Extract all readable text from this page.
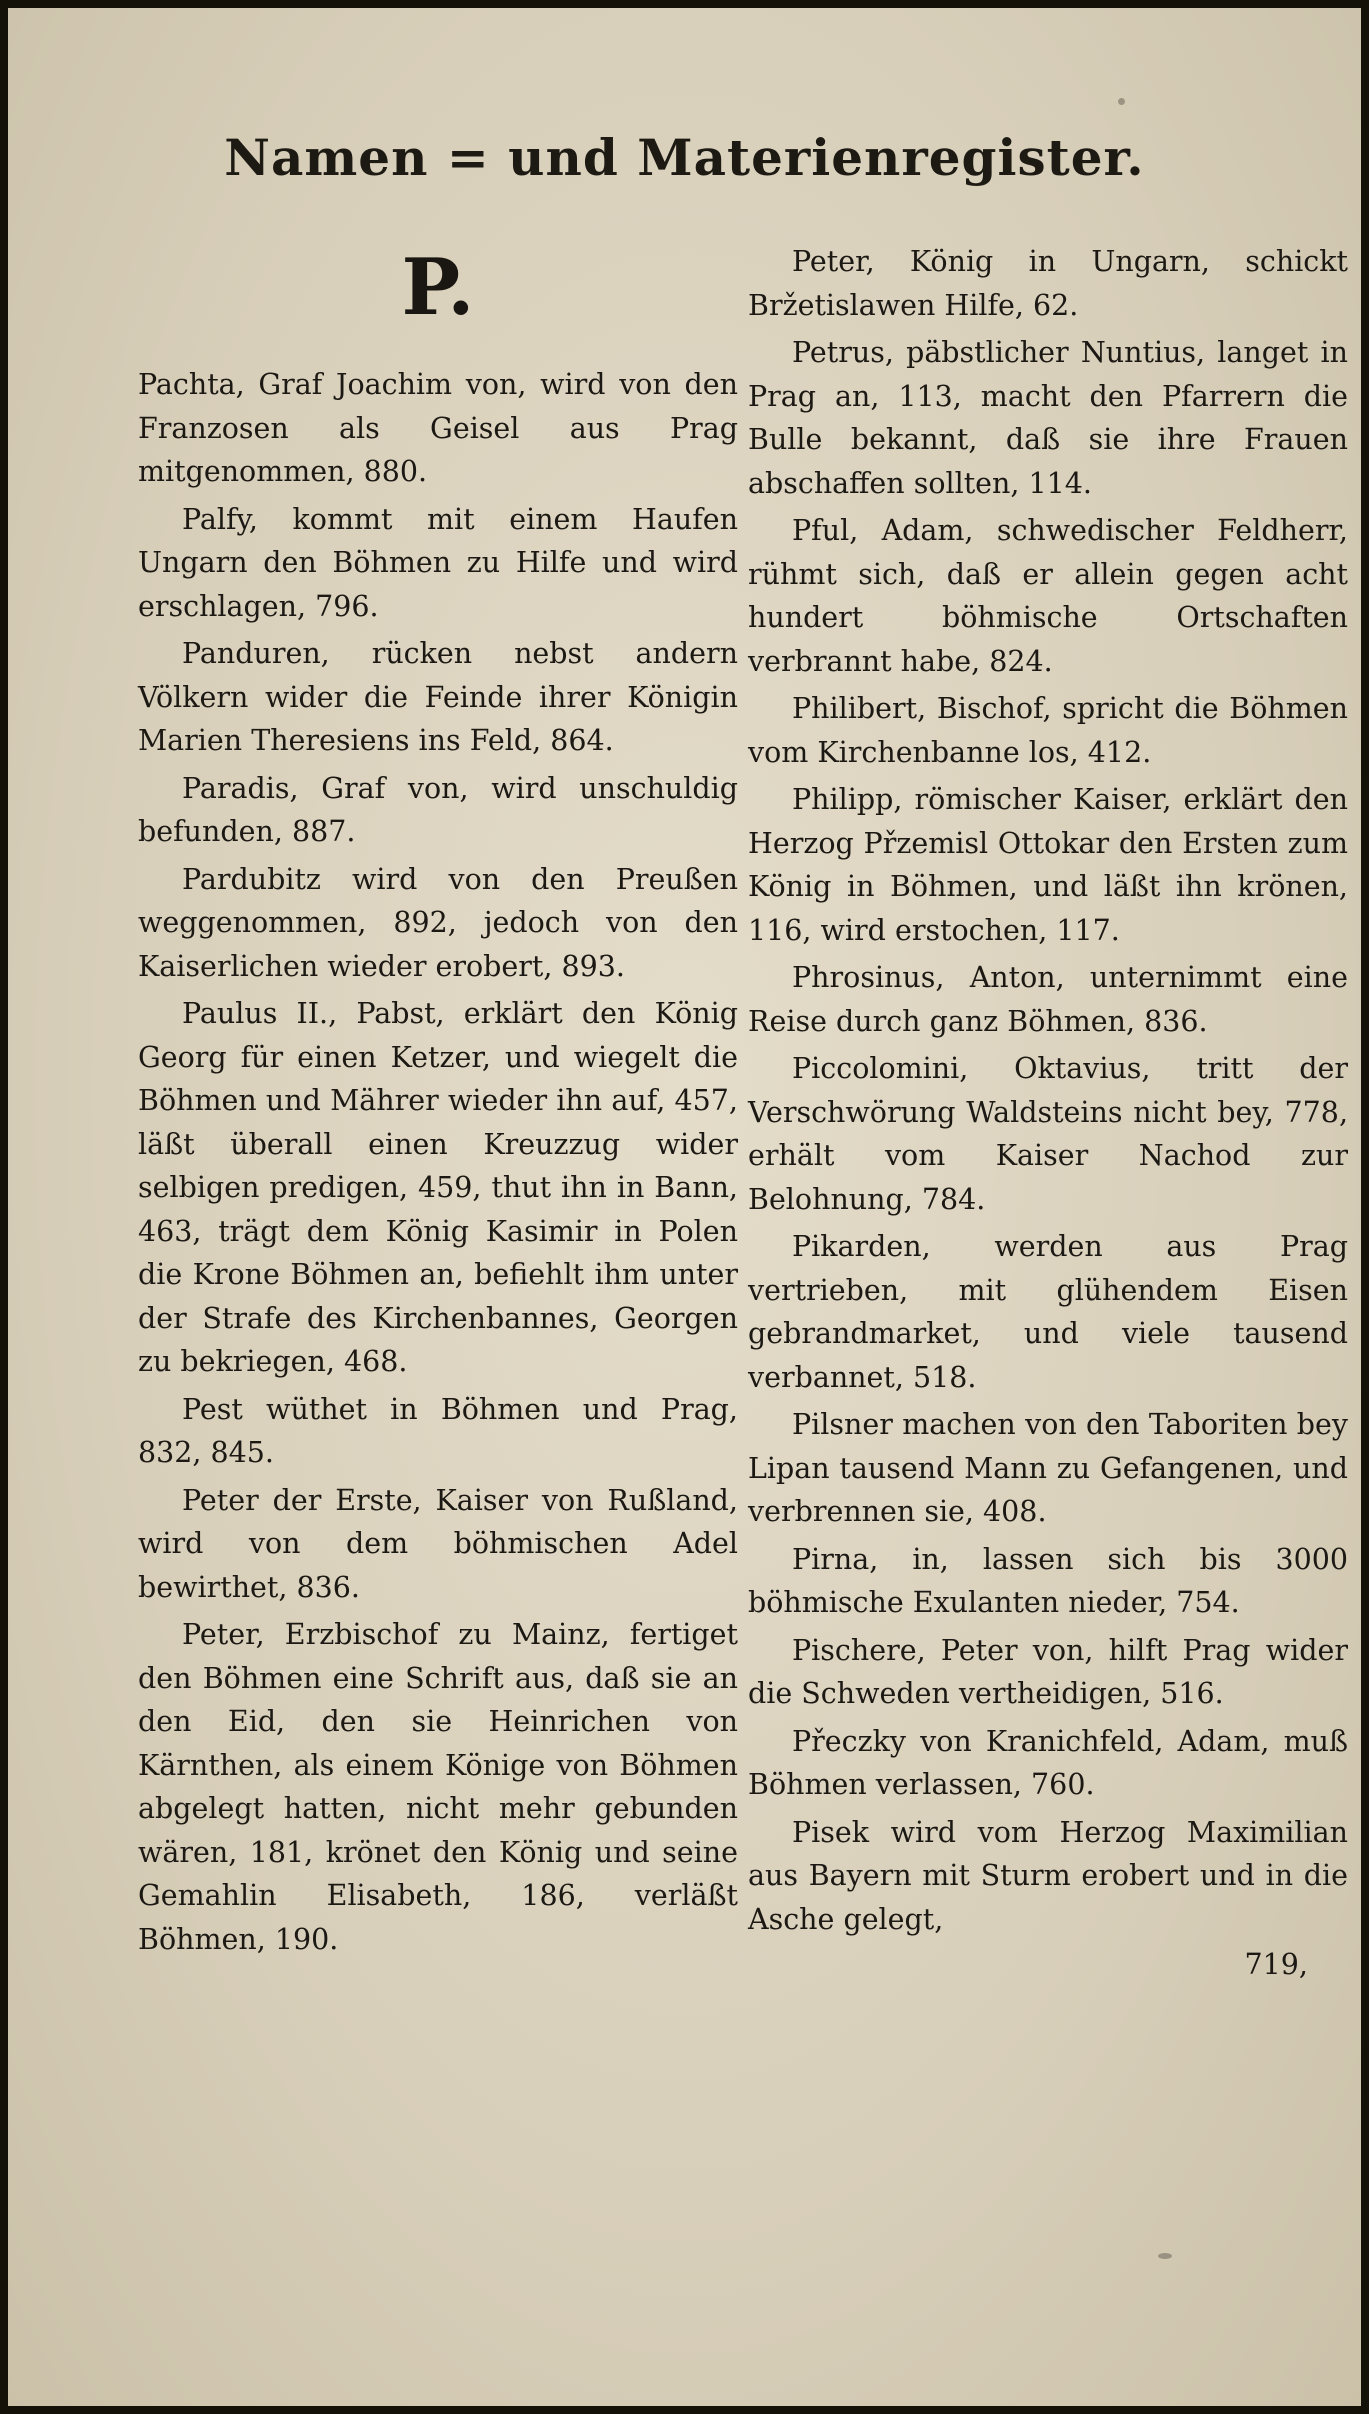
Namen = und Materienregister.
P.

Pachta, Graf Joachim von, wird von den Franzosen als Geisel aus Prag mitgenommen, 880.

Palfy, kommt mit einem Haufen Ungarn den Böhmen zu Hilfe und wird erschlagen, 796.

Panduren, rücken nebst andern Völkern wider die Feinde ihrer Königin Marien Theresiens ins Feld, 864.

Paradis, Graf von, wird unschuldig befunden, 887.

Pardubitz wird von den Preußen weggenommen, 892, jedoch von den Kaiserlichen wieder erobert, 893.

Paulus II., Pabst, erklärt den König Georg für einen Ketzer, und wiegelt die Böhmen und Mährer wieder ihn auf, 457, läßt überall einen Kreuzzug wider selbigen predigen, 459, thut ihn in Bann, 463, trägt dem König Kasimir in Polen die Krone Böhmen an, befiehlt ihm unter der Strafe des Kirchenbannes, Georgen zu bekriegen, 468.

Pest wüthet in Böhmen und Prag, 832, 845.

Peter der Erste, Kaiser von Rußland, wird von dem böhmischen Adel bewirthet, 836.

Peter, Erzbischof zu Mainz, fertiget den Böhmen eine Schrift aus, daß sie an den Eid, den sie Heinrichen von Kärnthen, als einem Könige von Böhmen abgelegt hatten, nicht mehr gebunden wären, 181, krönet den König und seine Gemahlin Elisabeth, 186, verläßt Böhmen, 190.

Peter, König in Ungarn, schickt Bržetislawen Hilfe, 62.

Petrus, päbstlicher Nuntius, langet in Prag an, 113, macht den Pfarrern die Bulle bekannt, daß sie ihre Frauen abschaffen sollten, 114.

Pful, Adam, schwedischer Feldherr, rühmt sich, daß er allein gegen acht hundert böhmische Ortschaften verbrannt habe, 824.

Philibert, Bischof, spricht die Böhmen vom Kirchenbanne los, 412.

Philipp, römischer Kaiser, erklärt den Herzog Přzemisl Ottokar den Ersten zum König in Böhmen, und läßt ihn krönen, 116, wird erstochen, 117.

Phrosinus, Anton, unternimmt eine Reise durch ganz Böhmen, 836.

Piccolomini, Oktavius, tritt der Verschwörung Waldsteins nicht bey, 778, erhält vom Kaiser Nachod zur Belohnung, 784.

Pikarden, werden aus Prag vertrieben, mit glühendem Eisen gebrandmarket, und viele tausend verbannet, 518.

Pilsner machen von den Taboriten bey Lipan tausend Mann zu Gefangenen, und verbrennen sie, 408.

Pirna, in, lassen sich bis 3000 böhmische Exulanten nieder, 754.

Pischere, Peter von, hilft Prag wider die Schweden vertheidigen, 516.

Přeczky von Kranichfeld, Adam, muß Böhmen verlassen, 760.

Pisek wird vom Herzog Maximilian aus Bayern mit Sturm erobert und in die Asche gelegt,

719,
